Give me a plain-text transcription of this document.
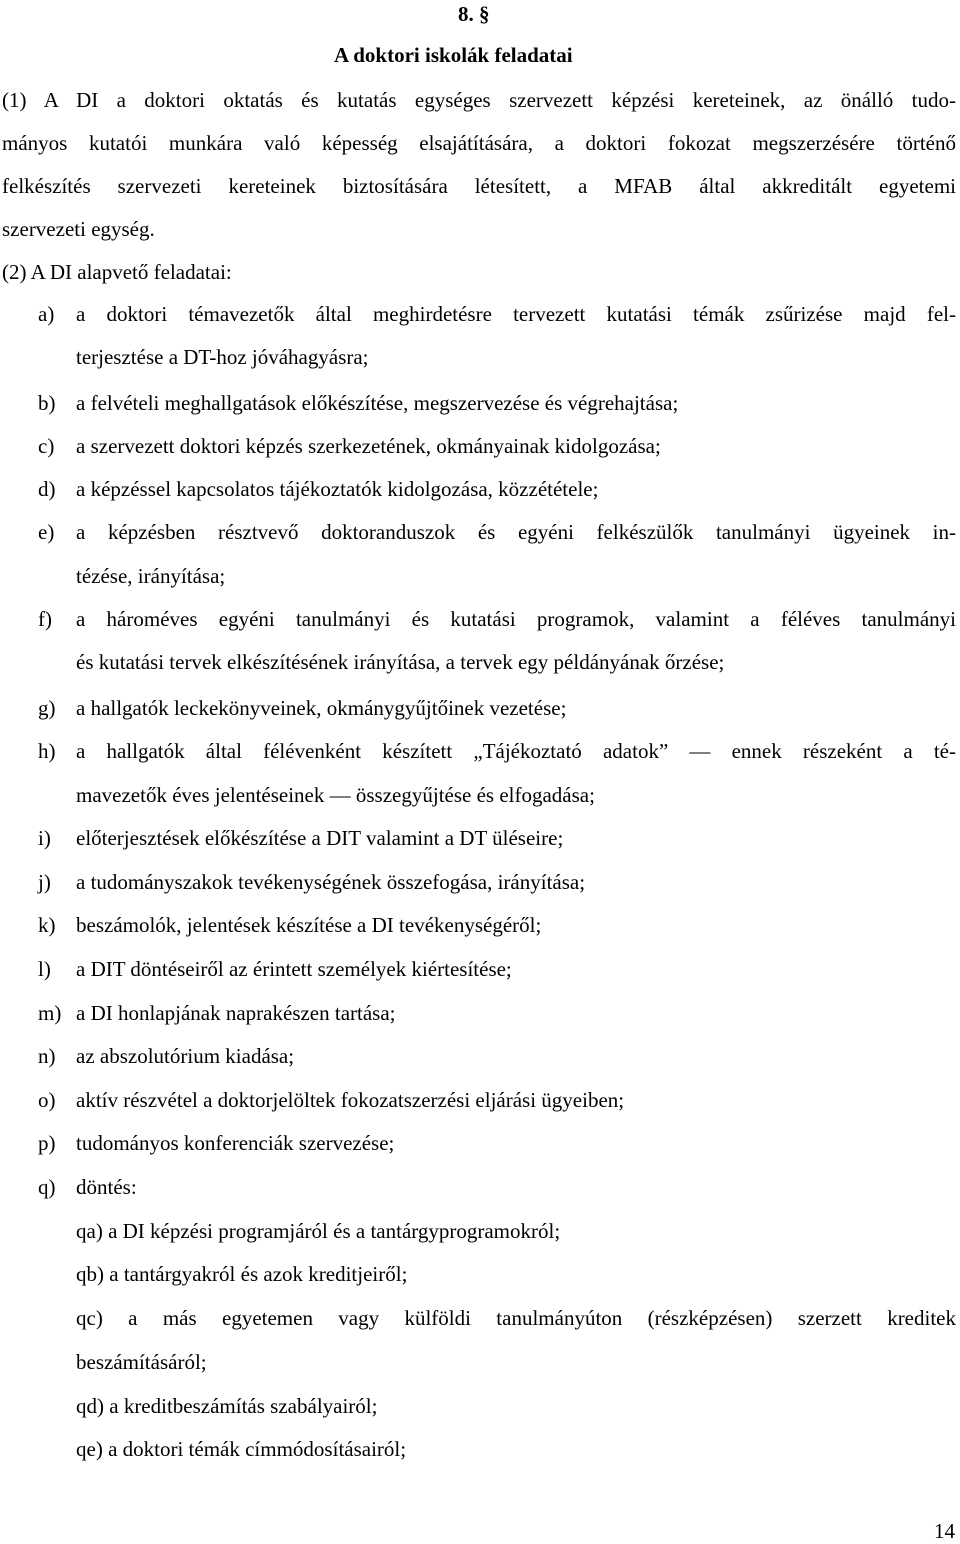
8. §
A doktori iskolák feladatai
(1) A DI a doktori oktatás és kutatás egységes szervezett képzési kereteinek, az önálló tudo-
mányos kutatói munkára való képesség elsajátítására, a doktori fokozat megszerzésére történő
felkészítés szervezeti kereteinek biztosítására létesített, a MFAB által akkreditált egyetemi
szervezeti egység.
(2) A DI alapvető feladatai:
a) a doktori témavezetők által meghirdetésre tervezett kutatási témák zsűrizése majd fel-
terjesztése a DT-hoz jóváhagyásra;
b) a felvételi meghallgatások előkészítése, megszervezése és végrehajtása;
c) a szervezett doktori képzés szerkezetének, okmányainak kidolgozása;
d) a képzéssel kapcsolatos tájékoztatók kidolgozása, közzététele;
e) a képzésben résztvevő doktoranduszok és egyéni felkészülők tanulmányi ügyeinek in-
tézése, irányítása;
f) a hároméves egyéni tanulmányi és kutatási programok, valamint a féléves tanulmányi
és kutatási tervek elkészítésének irányítása, a tervek egy példányának őrzése;
g) a hallgatók leckekönyveinek, okmánygyűjtőinek vezetése;
h) a hallgatók által félévenként készített „Tájékoztató adatok” — ennek részeként a té-
mavezetők éves jelentéseinek — összegyűjtése és elfogadása;
i) előterjesztések előkészítése a DIT valamint a DT üléseire;
j) a tudományszakok tevékenységének összefogása, irányítása;
k) beszámolók, jelentések készítése a DI tevékenységéről;
l) a DIT döntéseiről az érintett személyek kiértesítése;
m) a DI honlapjának naprakészen tartása;
n) az abszolutórium kiadása;
o) aktív részvétel a doktorjelöltek fokozatszerzési eljárási ügyeiben;
p) tudományos konferenciák szervezése;
q) döntés:
qa) a DI képzési programjáról és a tantárgyprogramokról;
qb) a tantárgyakról és azok kreditjeiről;
qc) a más egyetemen vagy külföldi tanulmányúton (részképzésen) szerzett kreditek
beszámításáról;
qd) a kreditbeszámítás szabályairól;
qe) a doktori témák címmódosításairól;
14
